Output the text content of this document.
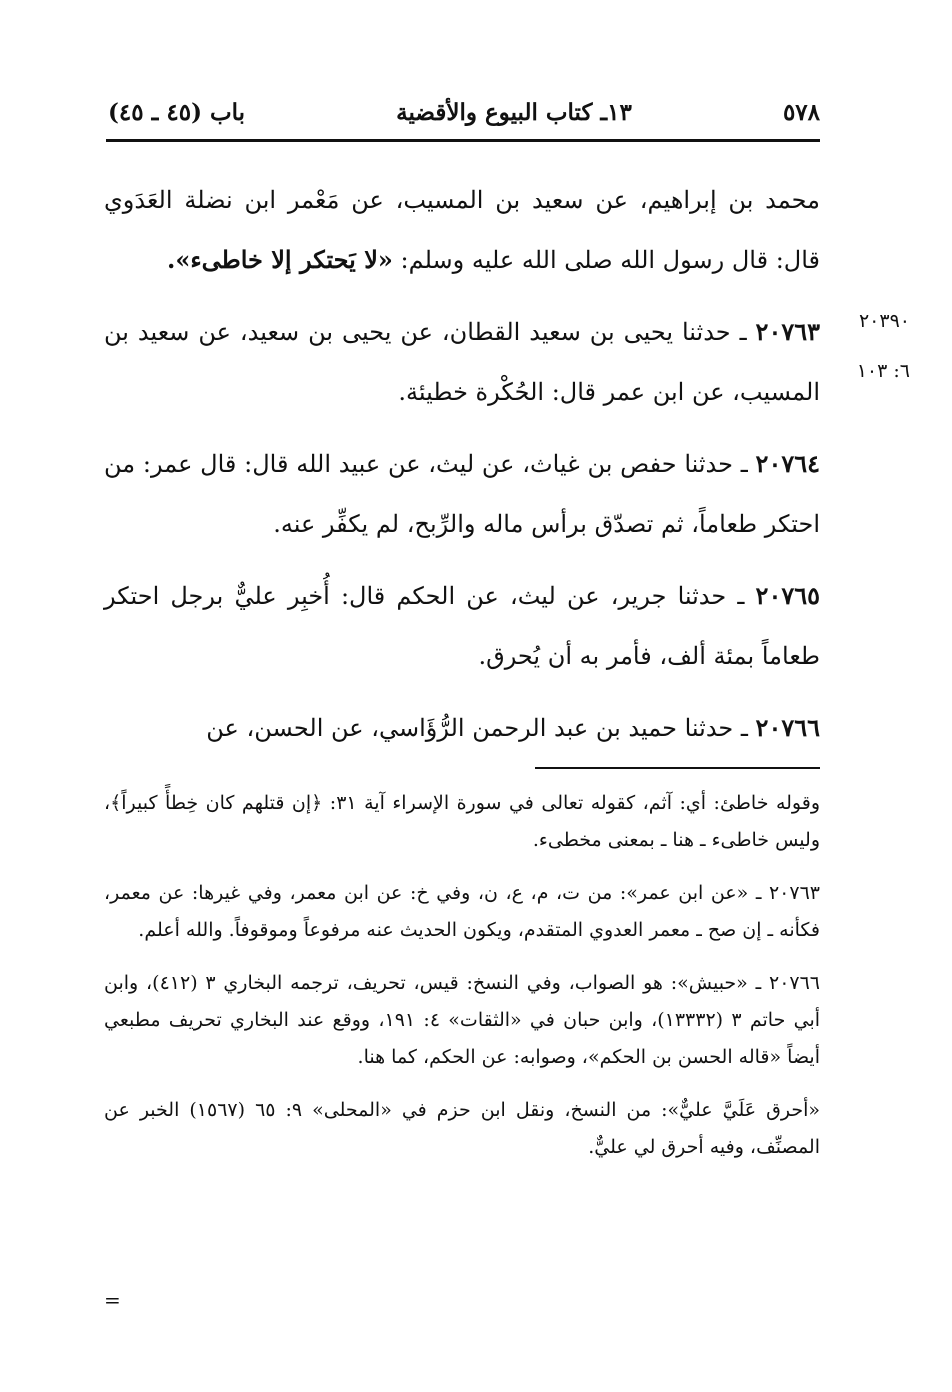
٥٧٨
١٣ـ كتاب البيوع والأقضية
باب (٤٥ ـ ٤٥)

محمد بن إبراهيم، عن سعيد بن المسيب، عن مَعْمر ابن نضلة العَدَوي قال: قال رسول الله صلى الله عليه وسلم: «لا يَحتكر إلا خاطىء».

٢٠٧٦٣ ـ حدثنا يحيى بن سعيد القطان، عن يحيى بن سعيد، عن سعيد بن المسيب، عن ابن عمر قال: الحُكْرة خطيئة.

٢٠٧٦٤ ـ حدثنا حفص بن غياث، عن ليث، عن عبيد الله قال: قال عمر: من احتكر طعاماً، ثم تصدّق برأس ماله والرِّبح، لم يكفِّر عنه.

٢٠٧٦٥ ـ حدثنا جرير، عن ليث، عن الحكم قال: أُخبِر عليٌّ برجل احتكر طعاماً بمئة ألف، فأمر به أن يُحرق.

٢٠٧٦٦ ـ حدثنا حميد بن عبد الرحمن الرُّؤَاسي، عن الحسن، عن

٢٠٣٩٠
٦: ١٠٣

وقوله خاطئ: أي: آثم، كقوله تعالى في سورة الإسراء آية ٣١: ﴿إن قتلهم كان خِطأً كبيراً﴾، وليس خاطىء ـ هنا ـ بمعنى مخطىء.

٢٠٧٦٣ ـ «عن ابن عمر»: من ت، م، ع، ن، وفي خ: عن ابن معمر، وفي غيرها: عن معمر، فكأنه ـ إن صح ـ معمر العدوي المتقدم، ويكون الحديث عنه مرفوعاً وموقوفاً. والله أعلم.

٢٠٧٦٦ ـ «حبيش»: هو الصواب، وفي النسخ: قيس، تحريف، ترجمه البخاري ٣ (٤١٢)، وابن أبي حاتم ٣ (١٣٣٣٢)، وابن حبان في «الثقات» ٤: ١٩١، ووقع عند البخاري تحريف مطبعي أيضاً «قاله الحسن بن الحكم»، وصوابه: عن الحكم، كما هنا.

«أحرق عَلَيَّ عليٌّ»: من النسخ، ونقل ابن حزم في «المحلى» ٩: ٦٥ (١٥٦٧) الخبر عن المصنِّف، وفيه أحرق لي عليٌّ.

=
